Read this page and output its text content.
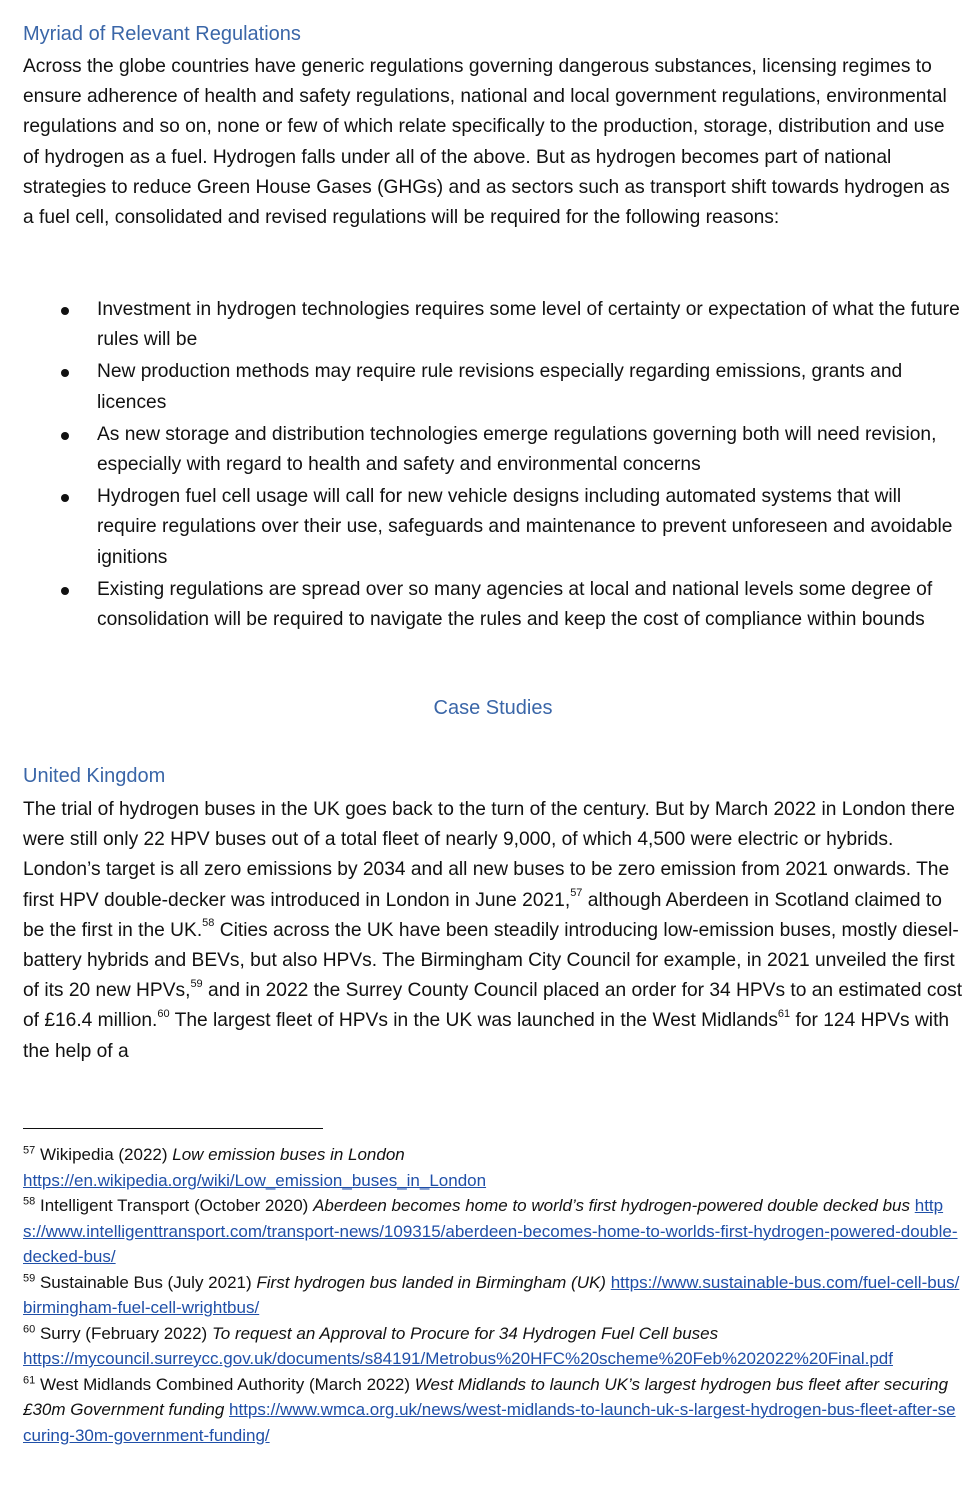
Myriad of Relevant Regulations

Across the globe countries have generic regulations governing dangerous substances, licensing regimes to ensure adherence of health and safety regulations, national and local government regulations, environmental regulations and so on, none or few of which relate specifically to the production, storage, distribution and use of hydrogen as a fuel. Hydrogen falls under all of the above. But as hydrogen becomes part of national strategies to reduce Green House Gases (GHGs) and as sectors such as transport shift towards hydrogen as a fuel cell, consolidated and revised regulations will be required for the following reasons:

Investment in hydrogen technologies requires some level of certainty or expectation of what the future rules will be
New production methods may require rule revisions especially regarding emissions, grants and licences
As new storage and distribution technologies emerge regulations governing both will need revision, especially with regard to health and safety and environmental concerns
Hydrogen fuel cell usage will call for new vehicle designs including automated systems that will require regulations over their use, safeguards and maintenance to prevent unforeseen and avoidable ignitions
Existing regulations are spread over so many agencies at local and national levels some degree of consolidation will be required to navigate the rules and keep the cost of compliance within bounds
Case Studies
United Kingdom

The trial of hydrogen buses in the UK goes back to the turn of the century. But by March 2022 in London there were still only 22 HPV buses out of a total fleet of nearly 9,000, of which 4,500 were electric or hybrids. London’s target is all zero emissions by 2034 and all new buses to be zero emission from 2021 onwards. The first HPV double-decker was introduced in London in June 2021,57 although Aberdeen in Scotland claimed to be the first in the UK.$^{58}$ Cities across the UK have been steadily introducing low-emission buses, mostly diesel-battery hybrids and BEVs, but also HPVs. The Birmingham City Council for example, in 2021 unveiled the first of its 20 new HPVs,$^{59}$ and in 2022 the Surrey County Council placed an order for 34 HPVs to an estimated cost of £16.4 million.$^{60}$ The largest fleet of HPVs in the UK was launched in the West Midlands$^{61}$ for 124 HPVs with the help of a

$^{57}$ Wikipedia (2022) Low emission buses in London
https://en.wikipedia.org/wiki/Low_emission_buses_in_London

$^{58}$ Intelligent Transport (October 2020) Aberdeen becomes home to world’s first hydrogen-powered double decked bus https://www.intelligenttransport.com/transport-news/109315/aberdeen-becomes-home-to-worlds-first-hydrogen-powered-double-decked-bus/

$^{59}$ Sustainable Bus (July 2021) First hydrogen bus landed in Birmingham (UK) https://www.sustainable-bus.com/fuel-cell-bus/birmingham-fuel-cell-wrightbus/

$^{60}$ Surry (February 2022) To request an Approval to Procure for 34 Hydrogen Fuel Cell buses
https://mycouncil.surreycc.gov.uk/documents/s84191/Metrobus%20HFC%20scheme%20Feb%202022%20Final.pdf

$^{61}$ West Midlands Combined Authority (March 2022) West Midlands to launch UK’s largest hydrogen bus fleet after securing £30m Government funding https://www.wmca.org.uk/news/west-midlands-to-launch-uk-s-largest-hydrogen-bus-fleet-after-securing-30m-government-funding/
